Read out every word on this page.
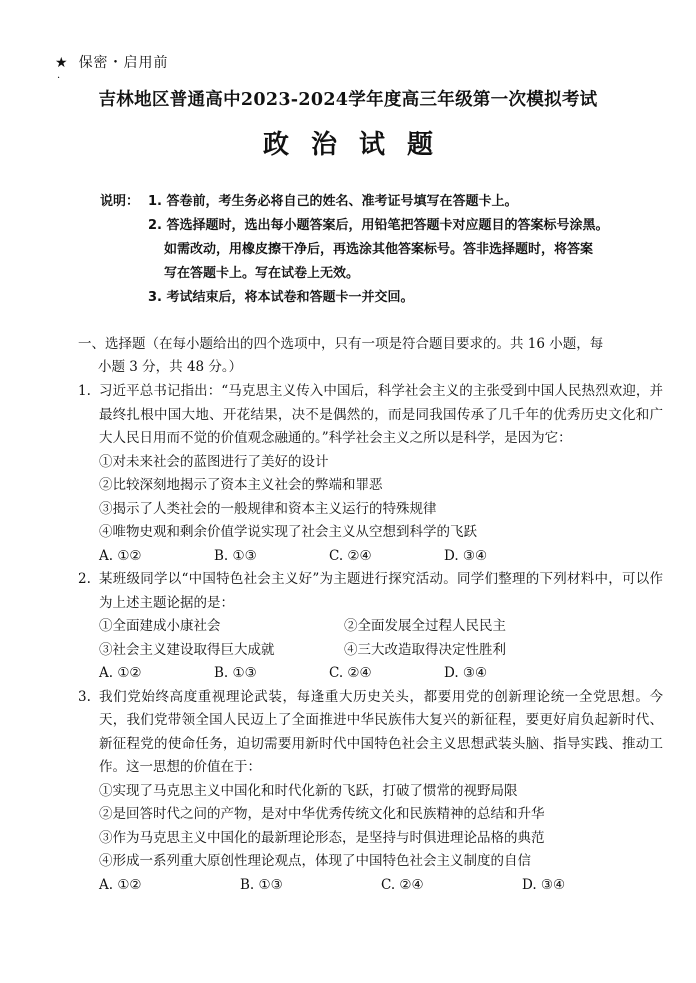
★ 保密・启用前
·
吉林地区普通高中2023-2024学年度高三年级第一次模拟考试
政治试题
说明： 1. 答卷前，考生务必将自己的姓名、准考证号填写在答题卡上。
2. 答选择题时，选出每小题答案后，用铅笔把答题卡对应题目的答案标号涂黑。
如需改动，用橡皮擦干净后，再选涂其他答案标号。答非选择题时，将答案
写在答题卡上。写在试卷上无效。
3. 考试结束后，将本试卷和答题卡一并交回。
一、选择题（在每小题给出的四个选项中，只有一项是符合题目要求的。共 16 小题，每
小题 3 分，共 48 分。）
1. 习近平总书记指出：“马克思主义传入中国后，科学社会主义的主张受到中国人民热烈欢迎，并最终扎根中国大地、开花结果，决不是偶然的，而是同我国传承了几千年的优秀历史文化和广大人民日用而不觉的价值观念融通的。”科学社会主义之所以是科学，是因为它：
①对未来社会的蓝图进行了美好的设计
②比较深刻地揭示了资本主义社会的弊端和罪恶
③揭示了人类社会的一般规律和资本主义运行的特殊规律
④唯物史观和剩余价值学说实现了社会主义从空想到科学的飞跃
A. ①②	B. ①③	C. ②④	D. ③④
2. 某班级同学以“中国特色社会主义好”为主题进行探究活动。同学们整理的下列材料中，可以作为上述主题论据的是：
①全面建成小康社会	②全面发展全过程人民民主
③社会主义建设取得巨大成就	④三大改造取得决定性胜利
A. ①②	B. ①③	C. ②④	D. ③④
3. 我们党始终高度重视理论武装，每逢重大历史关头，都要用党的创新理论统一全党思想。今天，我们党带领全国人民迈上了全面推进中华民族伟大复兴的新征程，要更好肩负起新时代、新征程党的使命任务，迫切需要用新时代中国特色社会主义思想武装头脑、指导实践、推动工作。这一思想的价值在于：
①实现了马克思主义中国化和时代化新的飞跃，打破了惯常的视野局限
②是回答时代之问的产物，是对中华优秀传统文化和民族精神的总结和升华
③作为马克思主义中国化的最新理论形态，是坚持与时俱进理论品格的典范
④形成一系列重大原创性理论观点，体现了中国特色社会主义制度的自信
A. ①②	B. ①③	C. ②④	D. ③④
